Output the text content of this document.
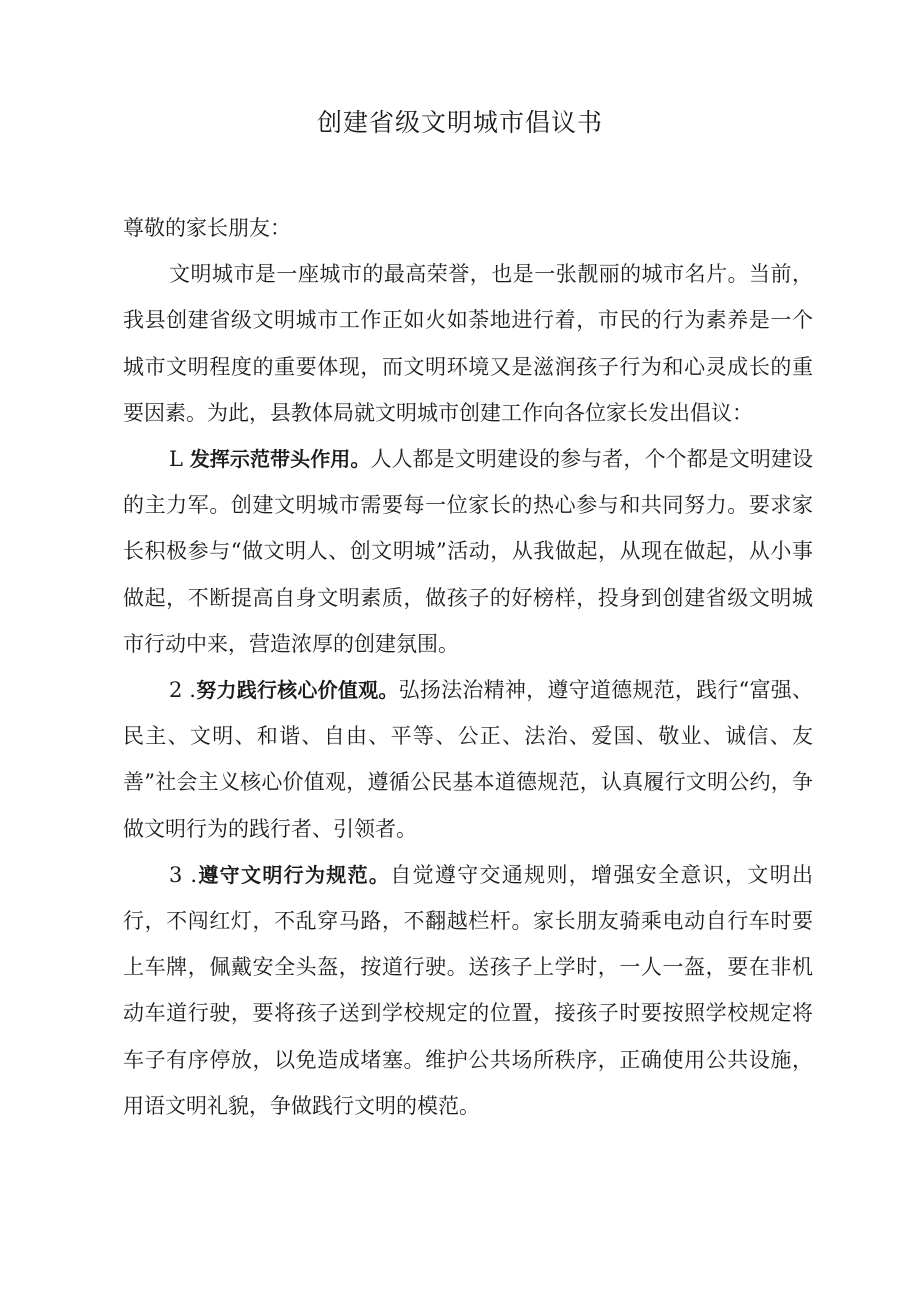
创建省级文明城市倡议书

尊敬的家长朋友：

文明城市是一座城市的最高荣誉，也是一张靓丽的城市名片。当前，我县创建省级文明城市工作正如火如荼地进行着，市民的行为素养是一个城市文明程度的重要体现，而文明环境又是滋润孩子行为和心灵成长的重要因素。为此，县教体局就文明城市创建工作向各位家长发出倡议：

L 发挥示范带头作用。人人都是文明建设的参与者，个个都是文明建设的主力军。创建文明城市需要每一位家长的热心参与和共同努力。要求家长积极参与“做文明人、创文明城”活动，从我做起，从现在做起，从小事做起，不断提高自身文明素质，做孩子的好榜样，投身到创建省级文明城市行动中来，营造浓厚的创建氛围。

2 .努力践行核心价值观。弘扬法治精神，遵守道德规范，践行“富强、民主、文明、和谐、自由、平等、公正、法治、爱国、敬业、诚信、友善”社会主义核心价值观，遵循公民基本道德规范，认真履行文明公约，争做文明行为的践行者、引领者。

3 .遵守文明行为规范。自觉遵守交通规则，增强安全意识，文明出行，不闯红灯，不乱穿马路，不翻越栏杆。家长朋友骑乘电动自行车时要上车牌，佩戴安全头盔，按道行驶。送孩子上学时，一人一盔，要在非机动车道行驶，要将孩子送到学校规定的位置，接孩子时要按照学校规定将车子有序停放，以免造成堵塞。维护公共场所秩序，正确使用公共设施，用语文明礼貌，争做践行文明的模范。
